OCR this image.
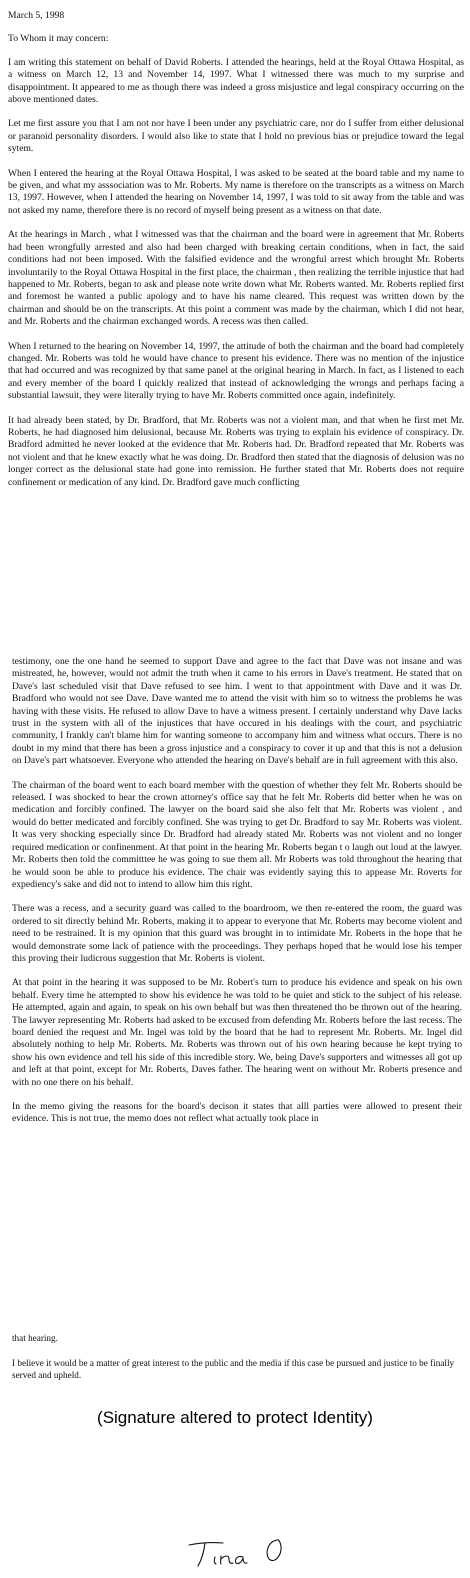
March 5, 1998
To Whom it may concern:

I am writing this statement on behalf of David Roberts. I attended the hearings, held at the Royal Ottawa Hospital, as a witness on March 12, 13 and November 14, 1997. What I witnessed there was much to my surprise and disappointment. It appeared to me as though there was indeed a gross misjustice and legal conspiracy occurring on the above mentioned dates.

Let me first assure you that I am not nor have I been under any psychiatric care, nor do I suffer from either delusional or paranoid personality disorders. I would also like to state that I hold no previous bias or prejudice toward the legal sytem.

When I entered the hearing at the Royal Ottawa Hospital, I was asked to be seated at the board table and my name to be given, and what my asssociation was to Mr. Roberts. My name is therefore on the transcripts as a witness on March 13, 1997. However, when I attended the hearing on November 14, 1997, I was told to sit away from the table and was not asked my name, therefore there is no record of myself being present as a witness on that date.

At the hearings in March , what I witnessed was that the chairman and the board were in agreement that Mr. Roberts had been wrongfully arrested and also had been charged with breaking certain conditions, when in fact, the said conditions had not been imposed. With the falsified evidence and the wrongful arrest which brought Mr. Roberts involuntarily to the Royal Ottawa Hospital in the first place, the chairman , then realizing the terrible injustice that had happened to Mr. Roberts, began to ask and please note write down what Mr. Roberts wanted. Mr. Roberts replied first and foremost he wanted a public apology and to have his name cleared. This request was written down by the chairman and should be on the transcripts. At this point a comment was made by the chairman, which I did not hear, and Mr. Roberts and the chairman exchanged words. A recess was then called.

When I returned to the hearing on November 14, 1997, the attitude of both the chairman and the board had completely changed. Mr. Roberts was told he would have chance to present his evidence. There was no mention of the injustice that had occurred and was recognized by that same panel at the original hearing in March. In fact, as I listened to each and every member of the board I quickly realized that instead of acknowledging the wrongs and perhaps facing a substantial lawsuit, they were literally trying to have Mr. Roberts committed once again, indefinitely.

It had already been stated, by Dr. Bradford, that Mr. Roberts was not a violent man, and that when he first met Mr. Roberts, he had diagnosed him delusional, because Mr. Roberts was trying to explain his evidence of conspiracy. Dr. Bradford admitted he never looked at the evidence that Mr. Roberts had. Dr. Bradford repeated that Mr. Roberts was not violent and that he knew exactly what he was doing. Dr. Bradford then stated that the diagnosis of delusion was no longer correct as the delusional state had gone into remission. He further stated that Mr. Roberts does not require confinement or medication of any kind. Dr. Bradford gave much conflicting

testimony, one the one hand he seemed to support Dave and agree to the fact that Dave was not insane and was mistreated, he, however, would not admit the truth when it came to his errors in Dave's treatment. He stated that on Dave's last scheduled visit that Dave refused to see him. I went to that appointment with Dave and it was Dr. Bradford who would not see Dave. Dave wanted me to attend the visit with him so to witness the problems he was having with these visits. He refused to allow Dave to have a witness present. I certainly understand why Dave lacks trust in the system with all of the injustices that have occured in his dealings with the court, and psychiatric community, I frankly can't blame him for wanting someone to accompany him and witness what occurs. There is no doubt in my mind that there has been a gross injustice and a conspiracy to cover it up and that this is not a delusion on Dave's part whatsoever. Everyone who attended the hearing on Dave's behalf are in full agreement with this also.

The chairman of the board went to each board member with the question of whether they felt Mr. Roberts should be released. I was shocked to hear the crown attorney's office say that he felt Mr. Roberts did better when he was on medication and forcibly confined. The lawyer on the board said she also felt that Mr. Roberts was violent , and would do better medicated and forcibly confined. She was trying to get Dr. Bradford to say Mr. Roberts was violent. It was very shocking especially since Dr. Bradford had already stated Mr. Roberts was not violent and no longer required medication or confinenment. At that point in the hearing Mr. Roberts began t o laugh out loud at the lawyer. Mr. Roberts then told the committtee he was going to sue them all. Mr Roberts was told throughout the hearing that he would soon be able to produce his evidence. The chair was evidently saying this to appease Mr. Roverts for expediency's sake and did not to intend to allow him this right.

There was a recess, and a security guard was called to the boardroom, we then re-entered the room, the guard was ordered to sit directly behind Mr. Roberts, making it to appear to everyone that Mr. Roberts may become violent and need to be restrained. It is my opinion that this guard was brought in to intimidate Mr. Roberts in the hope that he would demonstrate some lack of patience with the proceedings. They perhaps hoped that he would lose his temper this proving their ludicrous suggestion that Mr. Roberts is violent.

At that point in the hearing it was supposed to be Mr. Robert's turn to produce his evidence and speak on his own behalf. Every time he attempted to show his evidence he was told to be quiet and stick to the subject of his release. He attempted, again and again, to speak on his own behalf but was then threatened tho be thrown out of the hearing. The lawyer representing Mr. Roberts had asked to be excused from defending Mr. Roberts before the last recess. The board denied the request and Mr. Ingel was told by the board that he had to represent Mr. Roberts. Mr. Ingel did absolutely nothing to help Mr. Roberts. Mr. Roberts was thrown out of his own hearing because he kept trying to show his own evidence and tell his side of this incredible story. We, being Dave's supporters and witnesses all got up and left at that point, except for Mr. Roberts, Daves father. The hearing went on without Mr. Roberts presence and with no one there on his behalf.

In the memo giving the reasons for the board's decison it states that alll parties were allowed to present their evidence. This is not true, the memo does not reflect what actually took place in

that hearing.
I believe it would be a matter of great interest to the public and the media if this case be pursued and justice to be finally served and upheld.
(Signature altered to protect Identity)
